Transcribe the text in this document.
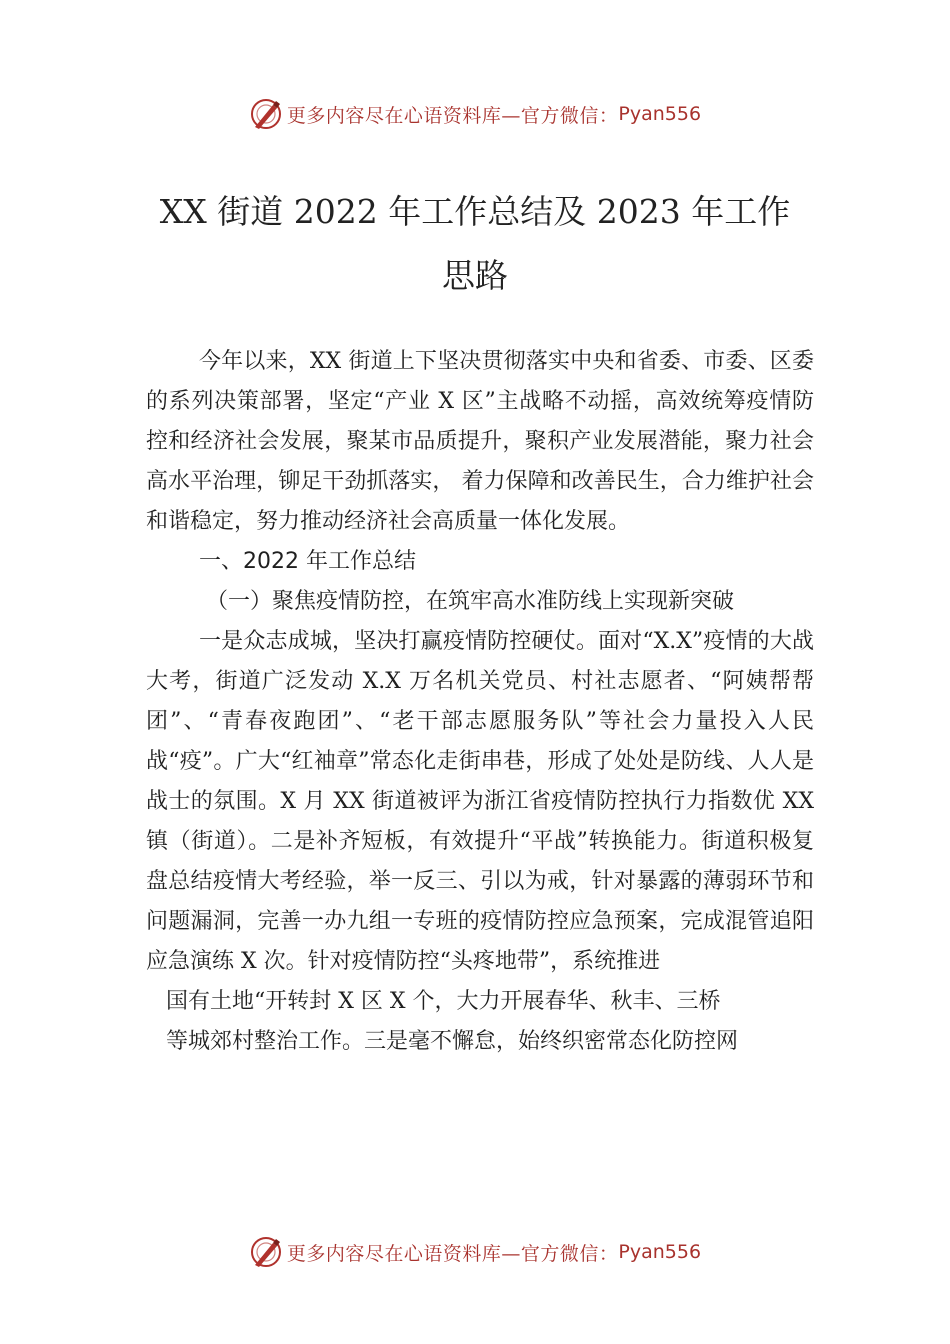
更多内容尽在心语资料库—官方微信： Pyan556
XX 街道 2022 年工作总结及 2023 年工作
思路

今年以来，XX 街道上下坚决贯彻落实中央和省委、市委、区委的系列决策部署，坚定“产业 X 区”主战略不动摇，高效统筹疫情防控和经济社会发展，聚某市品质提升，聚积产业发展潜能，聚力社会高水平治理，铆足干劲抓落实， 着力保障和改善民生，合力维护社会和谐稳定，努力推动经济社会高质量一体化发展。

一、2022 年工作总结

（一）聚焦疫情防控，在筑牢高水准防线上实现新突破

一是众志成城，坚决打赢疫情防控硬仗。面对“X.X”疫情的大战大考，街道广泛发动 X.X 万名机关党员、村社志愿者、“阿姨帮帮团”、“青春夜跑团”、“老干部志愿服务队”等社会力量投入人民战“疫”。广大“红袖章”常态化走街串巷，形成了处处是防线、人人是战士的氛围。X 月 XX 街道被评为浙江省疫情防控执行力指数优 XX 镇（街道）。二是补齐短板，有效提升“平战”转换能力。街道积极复盘总结疫情大考经验，举一反三、引以为戒，针对暴露的薄弱环节和问题漏洞，完善一办九组一专班的疫情防控应急预案，完成混管追阳应急演练 X 次。针对疫情防控“头疼地带”，系统推进

国有土地“开转封 X 区 X 个，大力开展春华、秋丰、三桥

等城郊村整治工作。三是毫不懈怠，始终织密常态化防控网

更多内容尽在心语资料库—官方微信： Pyan556
